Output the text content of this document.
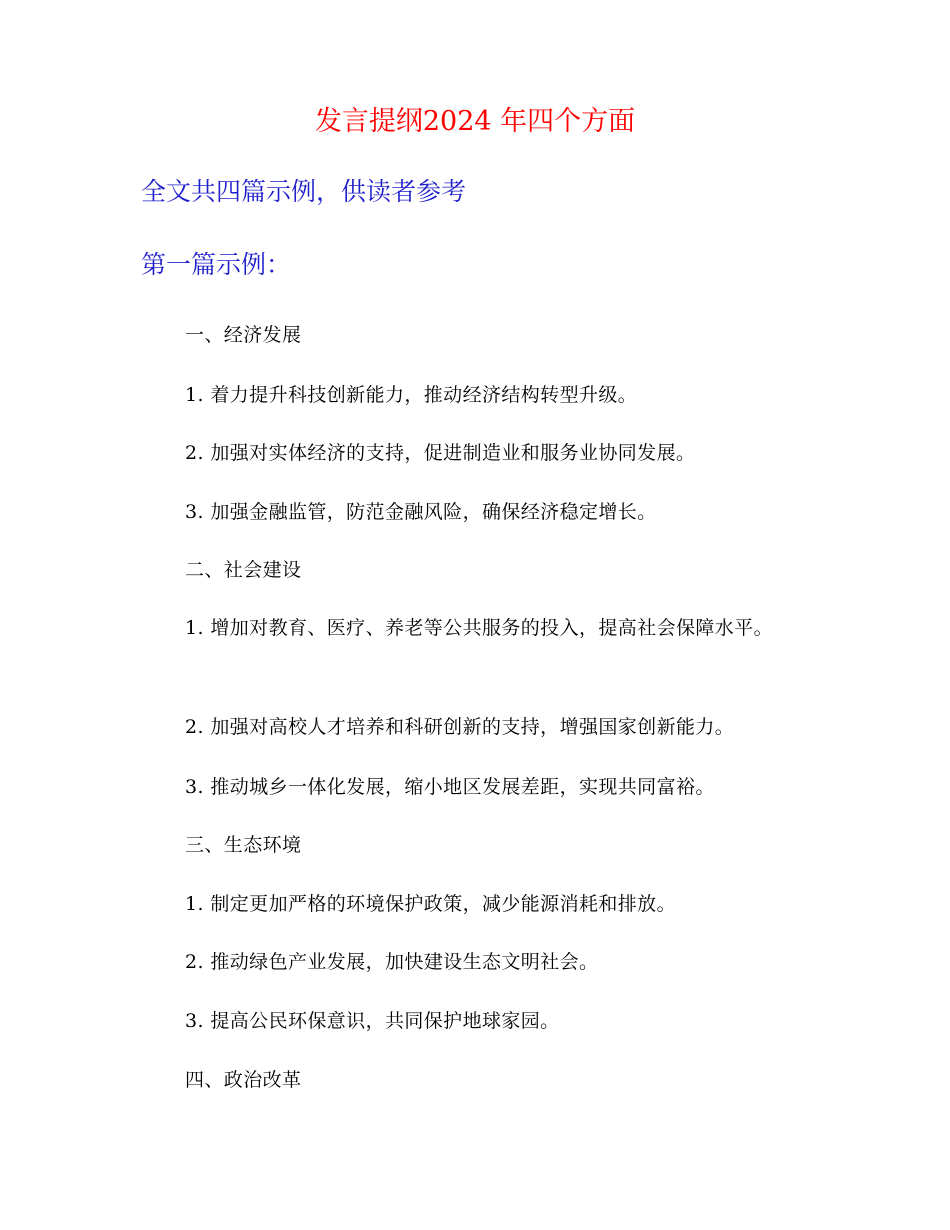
发言提纲2024 年四个方面
全文共四篇示例，供读者参考
第一篇示例：
一、经济发展
1. 着力提升科技创新能力，推动经济结构转型升级。
2. 加强对实体经济的支持，促进制造业和服务业协同发展。
3. 加强金融监管，防范金融风险，确保经济稳定增长。
二、社会建设
1. 增加对教育、医疗、养老等公共服务的投入，提高社会保障水平。
2. 加强对高校人才培养和科研创新的支持，增强国家创新能力。
3. 推动城乡一体化发展，缩小地区发展差距，实现共同富裕。
三、生态环境
1. 制定更加严格的环境保护政策，减少能源消耗和排放。
2. 推动绿色产业发展，加快建设生态文明社会。
3. 提高公民环保意识，共同保护地球家园。
四、政治改革
